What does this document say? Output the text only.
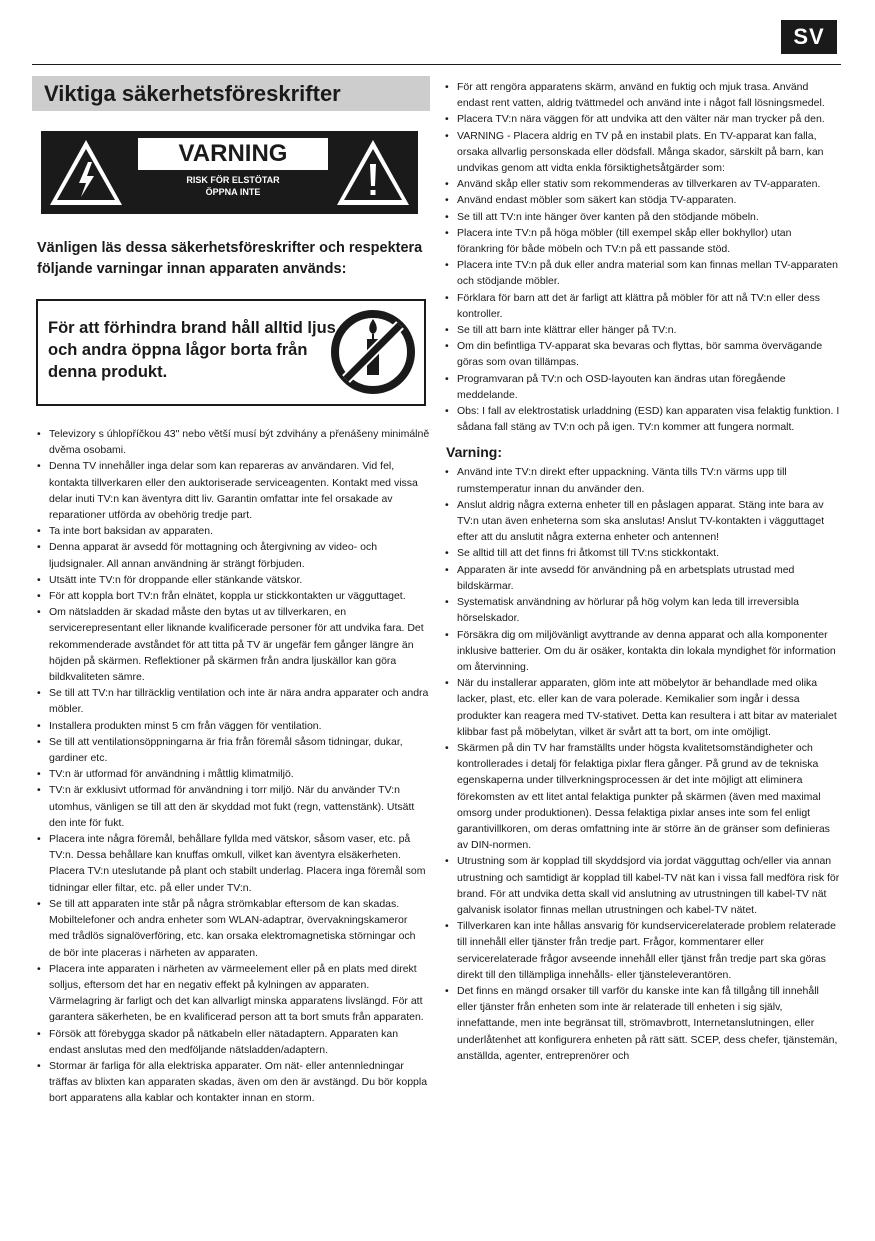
SV
Viktiga säkerhetsföreskrifter
VARNING
RISK FÖR ELSTÖTAR
ÖPPNA INTE
Vänligen läs dessa säkerhetsföreskrifter och respektera följande varningar innan apparaten används:
För att förhindra brand håll alltid ljus och andra öppna lågor borta från denna produkt.
• Televizory s úhlopříčkou 43" nebo větší musí být zdvihány a přenášeny minimálně dvěma osobami.
• Denna TV innehåller inga delar som kan repareras av användaren. Vid fel, kontakta tillverkaren eller den auktoriserade serviceagenten. Kontakt med vissa delar inuti TV:n kan äventyra ditt liv. Garantin omfattar inte fel orsakade av reparationer utförda av obehörig tredje part.
• Ta inte bort baksidan av apparaten.
• Denna apparat är avsedd för mottagning och återgivning av video- och ljudsignaler. All annan användning är strängt förbjuden.
• Utsätt inte TV:n för droppande eller stänkande vätskor.
• För att koppla bort TV:n från elnätet, koppla ur stickkontakten ur vägguttaget.
• Om nätsladden är skadad måste den bytas ut av tillverkaren, en servicerepresentant eller liknande kvalificerade personer för att undvika fara. Det rekommenderade avståndet för att titta på TV är ungefär fem gånger längre än höjden på skärmen. Reflektioner på skärmen från andra ljuskällor kan göra bildkvaliteten sämre.
• Se till att TV:n har tillräcklig ventilation och inte är nära andra apparater och andra möbler.
• Installera produkten minst 5 cm från väggen för ventilation.
• Se till att ventilationsöppningarna är fria från föremål såsom tidningar, dukar, gardiner etc.
• TV:n är utformad för användning i måttlig klimatmiljö.
• TV:n är exklusivt utformad för användning i torr miljö. När du använder TV:n utomhus, vänligen se till att den är skyddad mot fukt (regn, vattenstänk). Utsätt den inte för fukt.
• Placera inte några föremål, behållare fyllda med vätskor, såsom vaser, etc. på TV:n. Dessa behållare kan knuffas omkull, vilket kan äventyra elsäkerheten. Placera TV:n uteslutande på plant och stabilt underlag. Placera inga föremål som tidningar eller filtar, etc. på eller under TV:n.
• Se till att apparaten inte står på några strömkablar eftersom de kan skadas. Mobiltelefoner och andra enheter som WLAN-adaptrar, övervakningskameror med trådlös signalöverföring, etc. kan orsaka elektromagnetiska störningar och de bör inte placeras i närheten av apparaten.
• Placera inte apparaten i närheten av värmeelement eller på en plats med direkt solljus, eftersom det har en negativ effekt på kylningen av apparaten. Värmelagring är farligt och det kan allvarligt minska apparatens livslängd. För att garantera säkerheten, be en kvalificerad person att ta bort smuts från apparaten.
• Försök att förebygga skador på nätkabeln eller nätadaptern. Apparaten kan endast anslutas med den medföljande nätsladden/adaptern.
• Stormar är farliga för alla elektriska apparater. Om nät- eller antennledningar träffas av blixten kan apparaten skadas, även om den är avstängd. Du bör koppla bort apparatens alla kablar och kontakter innan en storm.
• För att rengöra apparatens skärm, använd en fuktig och mjuk trasa. Använd endast rent vatten, aldrig tvättmedel och använd inte i något fall lösningsmedel.
• Placera TV:n nära väggen för att undvika att den välter när man trycker på den.
• VARNING - Placera aldrig en TV på en instabil plats. En TV-apparat kan falla, orsaka allvarlig personskada eller dödsfall. Många skador, särskilt på barn, kan undvikas genom att vidta enkla försiktighetsåtgärder som:
• Använd skåp eller stativ som rekommenderas av tillverkaren av TV-apparaten.
• Använd endast möbler som säkert kan stödja TV-apparaten.
• Se till att TV:n inte hänger över kanten på den stödjande möbeln.
• Placera inte TV:n på höga möbler (till exempel skåp eller bokhyllor) utan förankring för både möbeln och TV:n på ett passande stöd.
• Placera inte TV:n på duk eller andra material som kan finnas mellan TV-apparaten och stödjande möbler.
• Förklara för barn att det är farligt att klättra på möbler för att nå TV:n eller dess kontroller.
• Se till att barn inte klättrar eller hänger på TV:n.
• Om din befintliga TV-apparat ska bevaras och flyttas, bör samma övervägande göras som ovan tillämpas.
• Programvaran på TV:n och OSD-layouten kan ändras utan föregående meddelande.
• Obs: I fall av elektrostatisk urladdning (ESD) kan apparaten visa felaktig funktion. I sådana fall stäng av TV:n och på igen. TV:n kommer att fungera normalt.
Varning:
• Använd inte TV:n direkt efter uppackning. Vänta tills TV:n värms upp till rumstemperatur innan du använder den.
• Anslut aldrig några externa enheter till en påslagen apparat. Stäng inte bara av TV:n utan även enheterna som ska anslutas! Anslut TV-kontakten i vägguttaget efter att du anslutit några externa enheter och antennen!
• Se alltid till att det finns fri åtkomst till TV:ns stickkontakt.
• Apparaten är inte avsedd för användning på en arbetsplats utrustad med bildskärmar.
• Systematisk användning av hörlurar på hög volym kan leda till irreversibla hörselskador.
• Försäkra dig om miljövänligt avyttrande av denna apparat och alla komponenter inklusive batterier. Om du är osäker, kontakta din lokala myndighet för information om återvinning.
• När du installerar apparaten, glöm inte att möbelytor är behandlade med olika lacker, plast, etc. eller kan de vara polerade. Kemikalier som ingår i dessa produkter kan reagera med TV-stativet. Detta kan resultera i att bitar av materialet klibbar fast på möbelytan, vilket är svårt att ta bort, om inte omöjligt.
• Skärmen på din TV har framställts under högsta kvalitetsomständigheter och kontrollerades i detalj för felaktiga pixlar flera gånger. På grund av de tekniska egenskaperna under tillverkningsprocessen är det inte möjligt att eliminera förekomsten av ett litet antal felaktiga punkter på skärmen (även med maximal omsorg under produktionen). Dessa felaktiga pixlar anses inte som fel enligt garantivillkoren, om deras omfattning inte är större än de gränser som definieras av DIN-normen.
• Utrustning som är kopplad till skyddsjord via jordat vägguttag och/eller via annan utrustning och samtidigt är kopplad till kabel-TV nät kan i vissa fall medföra risk för brand. För att undvika detta skall vid anslutning av utrustningen till kabel-TV nät galvanisk isolator finnas mellan utrustningen och kabel-TV nätet.
• Tillverkaren kan inte hållas ansvarig för kundservicerelaterade problem relaterade till innehåll eller tjänster från tredje part. Frågor, kommentarer eller servicerelaterade frågor avseende innehåll eller tjänst från tredje part ska göras direkt till den tillämpliga innehålls- eller tjänsteleverantören.
• Det finns en mängd orsaker till varför du kanske inte kan få tillgång till innehåll eller tjänster från enheten som inte är relaterade till enheten i sig själv, innefattande, men inte begränsat till, strömavbrott, Internetanslutningen, eller underlåtenhet att konfigurera enheten på rätt sätt. SCEP, dess chefer, tjänstemän, anställda, agenter, entreprenörer och
